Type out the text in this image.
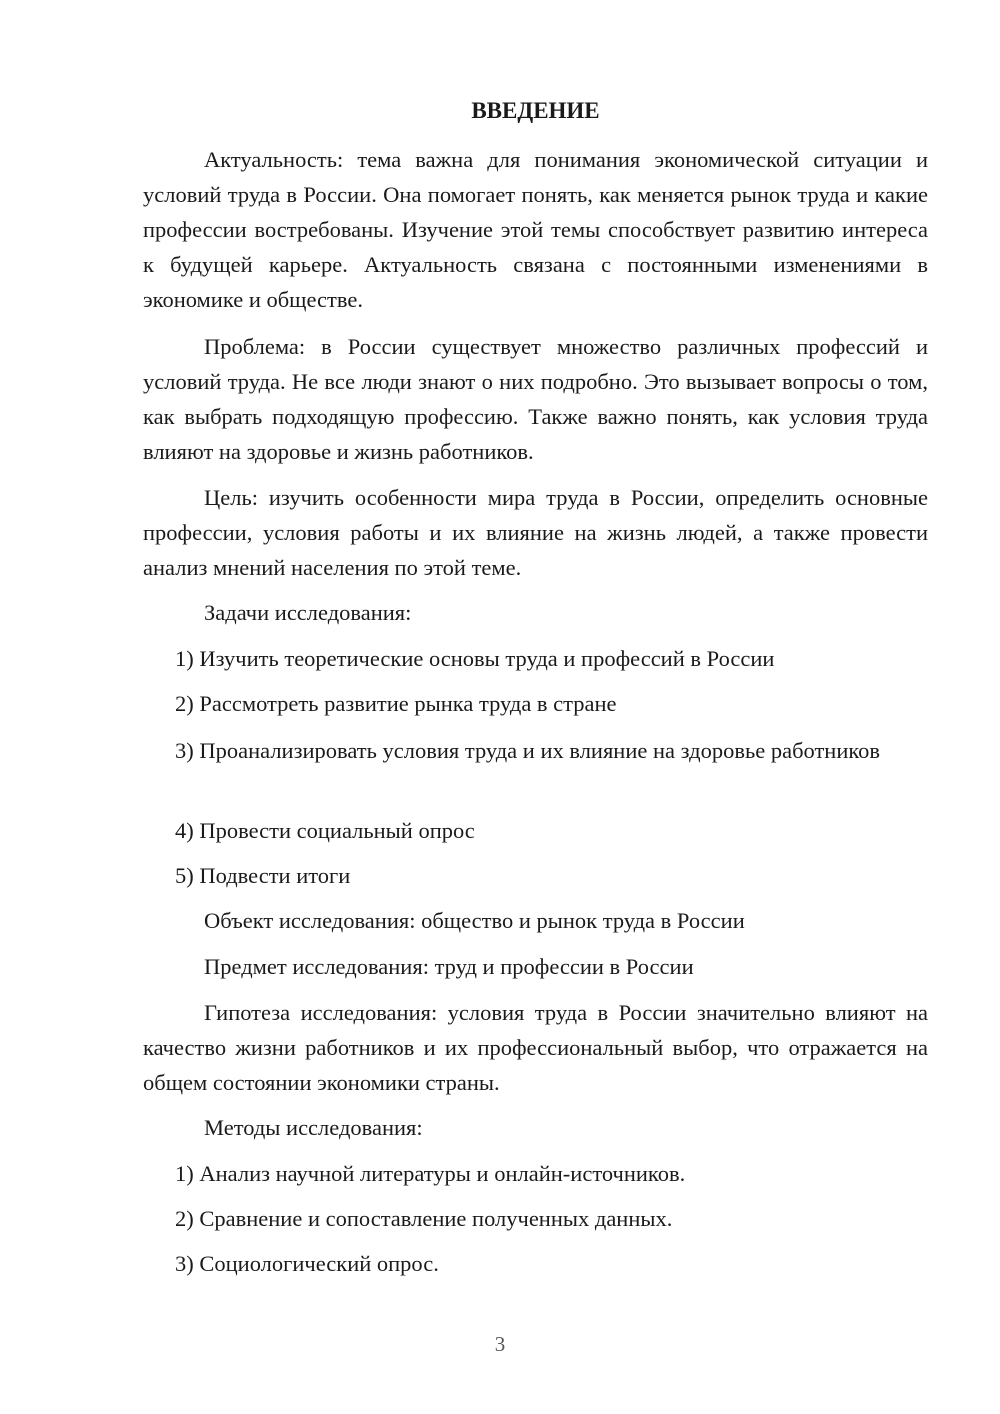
ВВЕДЕНИЕ

Актуальность: тема важна для понимания экономической ситуации и условий труда в России. Она помогает понять, как меняется рынок труда и какие профессии востребованы. Изучение этой темы способствует развитию интереса к будущей карьере. Актуальность связана с постоянными изменениями в экономике и обществе.

Проблема: в России существует множество различных профессий и условий труда. Не все люди знают о них подробно. Это вызывает вопросы о том, как выбрать подходящую профессию. Также важно понять, как условия труда влияют на здоровье и жизнь работников.

Цель: изучить особенности мира труда в России, определить основные профессии, условия работы и их влияние на жизнь людей, а также провести анализ мнений населения по этой теме.

Задачи исследования:

1) Изучить теоретические основы труда и профессий в России

2) Рассмотреть развитие рынка труда в стране

3) Проанализировать условия труда и их влияние на здоровье работников

4) Провести социальный опрос

5) Подвести итоги

Объект исследования: общество и рынок труда в России

Предмет исследования: труд и профессии в России

Гипотеза исследования: условия труда в России значительно влияют на качество жизни работников и их профессиональный выбор, что отражается на общем состоянии экономики страны.

Методы исследования:

1) Анализ научной литературы и онлайн-источников.

2) Сравнение и сопоставление полученных данных.

3) Социологический опрос.

3
